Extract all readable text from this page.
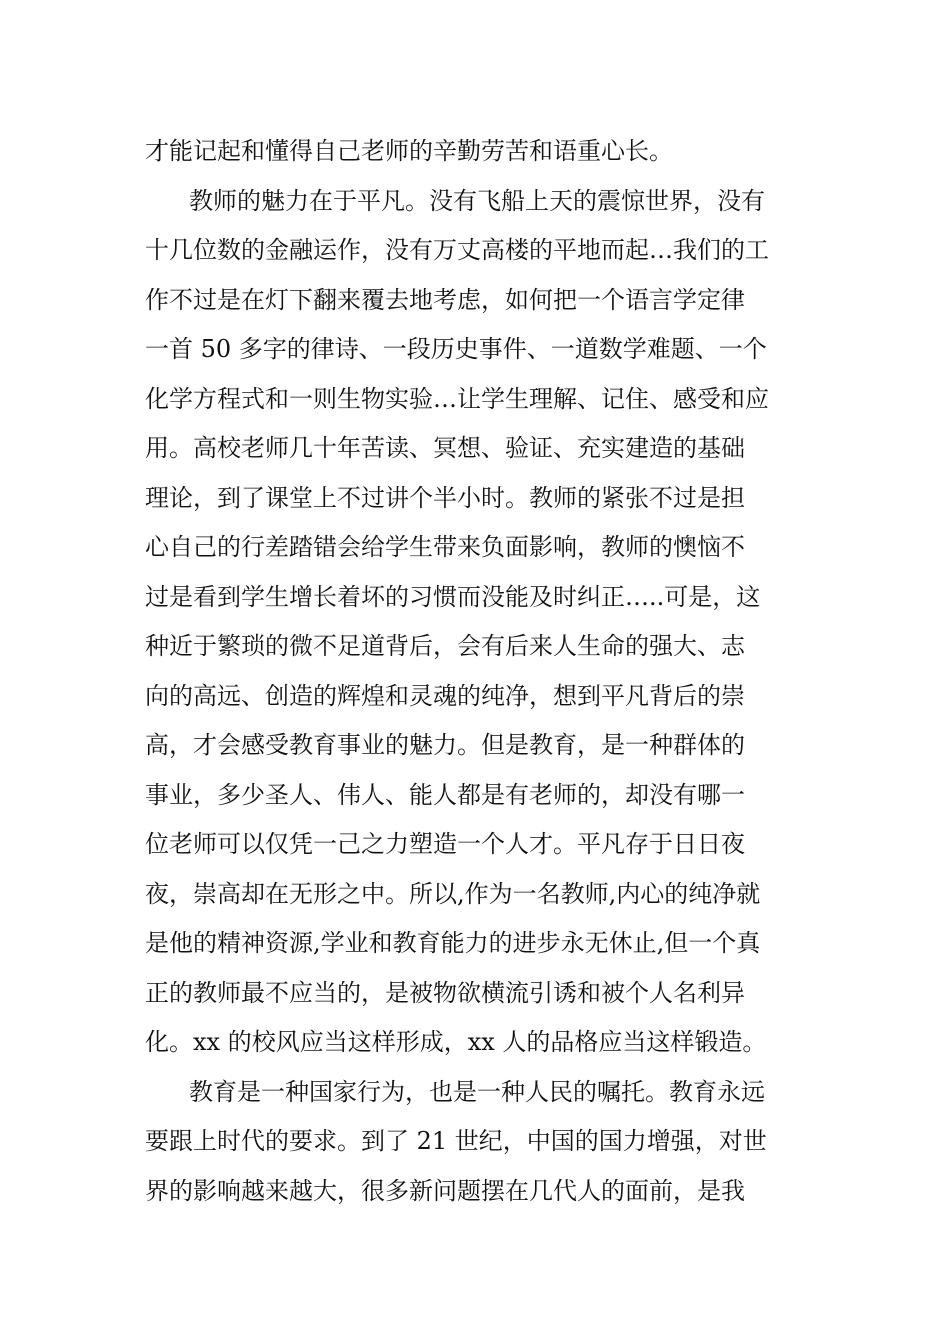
才能记起和懂得自己老师的辛勤劳苦和语重心长。
教师的魅力在于平凡。没有飞船上天的震惊世界，没有
十几位数的金融运作，没有万丈高楼的平地而起…我们的工
作不过是在灯下翻来覆去地考虑，如何把一个语言学定律
一首 50 多字的律诗、一段历史事件、一道数学难题、一个
化学方程式和一则生物实验…让学生理解、记住、感受和应
用。高校老师几十年苦读、冥想、验证、充实建造的基础
理论，到了课堂上不过讲个半小时。教师的紧张不过是担
心自己的行差踏错会给学生带来负面影响，教师的懊恼不
过是看到学生增长着坏的习惯而没能及时纠正…..可是，这
种近于繁琐的微不足道背后，会有后来人生命的强大、志
向的高远、创造的辉煌和灵魂的纯净，想到平凡背后的崇
高，才会感受教育事业的魅力。但是教育，是一种群体的
事业，多少圣人、伟人、能人都是有老师的，却没有哪一
位老师可以仅凭一己之力塑造一个人才。平凡存于日日夜
夜，崇高却在无形之中。所以,作为一名教师,内心的纯净就
是他的精神资源,学业和教育能力的进步永无休止,但一个真
正的教师最不应当的，是被物欲横流引诱和被个人名利异
化。xx 的校风应当这样形成，xx 人的品格应当这样锻造。
教育是一种国家行为，也是一种人民的嘱托。教育永远
要跟上时代的要求。到了 21 世纪，中国的国力增强，对世
界的影响越来越大，很多新问题摆在几代人的面前，是我
